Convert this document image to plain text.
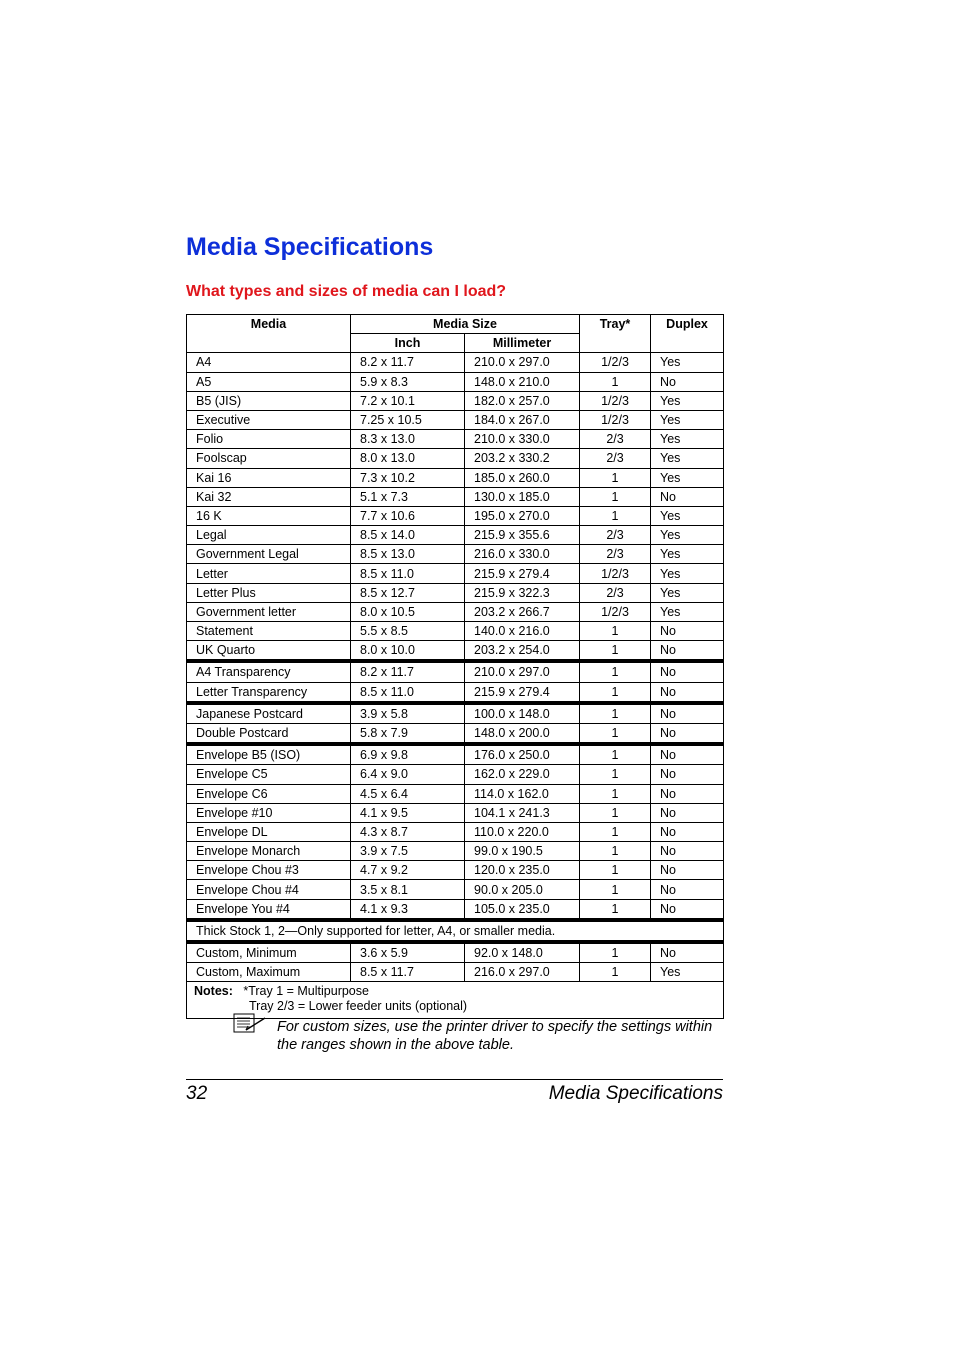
Media Specifications
What types and sizes of media can I load?
Media	Media Size		Tray*	Duplex
	Inch	Millimeter		
A4	8.2 x 11.7	210.0 x 297.0	1/2/3	Yes
A5	5.9 x 8.3	148.0 x 210.0	1	No
B5 (JIS)	7.2 x 10.1	182.0 x 257.0	1/2/3	Yes
Executive	7.25 x 10.5	184.0 x 267.0	1/2/3	Yes
Folio	8.3 x 13.0	210.0 x 330.0	2/3	Yes
Foolscap	8.0 x 13.0	203.2 x 330.2	2/3	Yes
Kai 16	7.3 x 10.2	185.0 x 260.0	1	Yes
Kai 32	5.1 x 7.3	130.0 x 185.0	1	No
16 K	7.7 x 10.6	195.0 x 270.0	1	Yes
Legal	8.5 x 14.0	215.9 x 355.6	2/3	Yes
Government Legal	8.5 x 13.0	216.0 x 330.0	2/3	Yes
Letter	8.5 x 11.0	215.9 x 279.4	1/2/3	Yes
Letter Plus	8.5 x 12.7	215.9 x 322.3	2/3	Yes
Government letter	8.0 x 10.5	203.2 x 266.7	1/2/3	Yes
Statement	5.5 x 8.5	140.0 x 216.0	1	No
UK Quarto	8.0 x 10.0	203.2 x 254.0	1	No
A4 Transparency	8.2 x 11.7	210.0 x 297.0	1	No
Letter Transparency	8.5 x 11.0	215.9 x 279.4	1	No
Japanese Postcard	3.9 x 5.8	100.0 x 148.0	1	No
Double Postcard	5.8 x 7.9	148.0 x 200.0	1	No
Envelope B5 (ISO)	6.9 x 9.8	176.0 x 250.0	1	No
Envelope C5	6.4 x 9.0	162.0 x 229.0	1	No
Envelope C6	4.5 x 6.4	114.0 x 162.0	1	No
Envelope #10	4.1 x 9.5	104.1 x 241.3	1	No
Envelope DL	4.3 x 8.7	110.0 x 220.0	1	No
Envelope Monarch	3.9 x 7.5	99.0 x 190.5	1	No
Envelope Chou #3	4.7 x 9.2	120.0 x 235.0	1	No
Envelope Chou #4	3.5 x 8.1	90.0 x 205.0	1	No
Envelope You #4	4.1 x 9.3	105.0 x 235.0	1	No
Thick Stock 1, 2—Only supported for letter, A4, or smaller media.				
Custom, Minimum	3.6 x 5.9	92.0 x 148.0	1	No
Custom, Maximum	8.5 x 11.7	216.0 x 297.0	1	Yes

Notes: *Tray 1 = Multipurpose
Tray 2/3 = Lower feeder units (optional)				
For custom sizes, use the printer driver to specify the settings within the ranges shown in the above table.
32	Media Specifications
